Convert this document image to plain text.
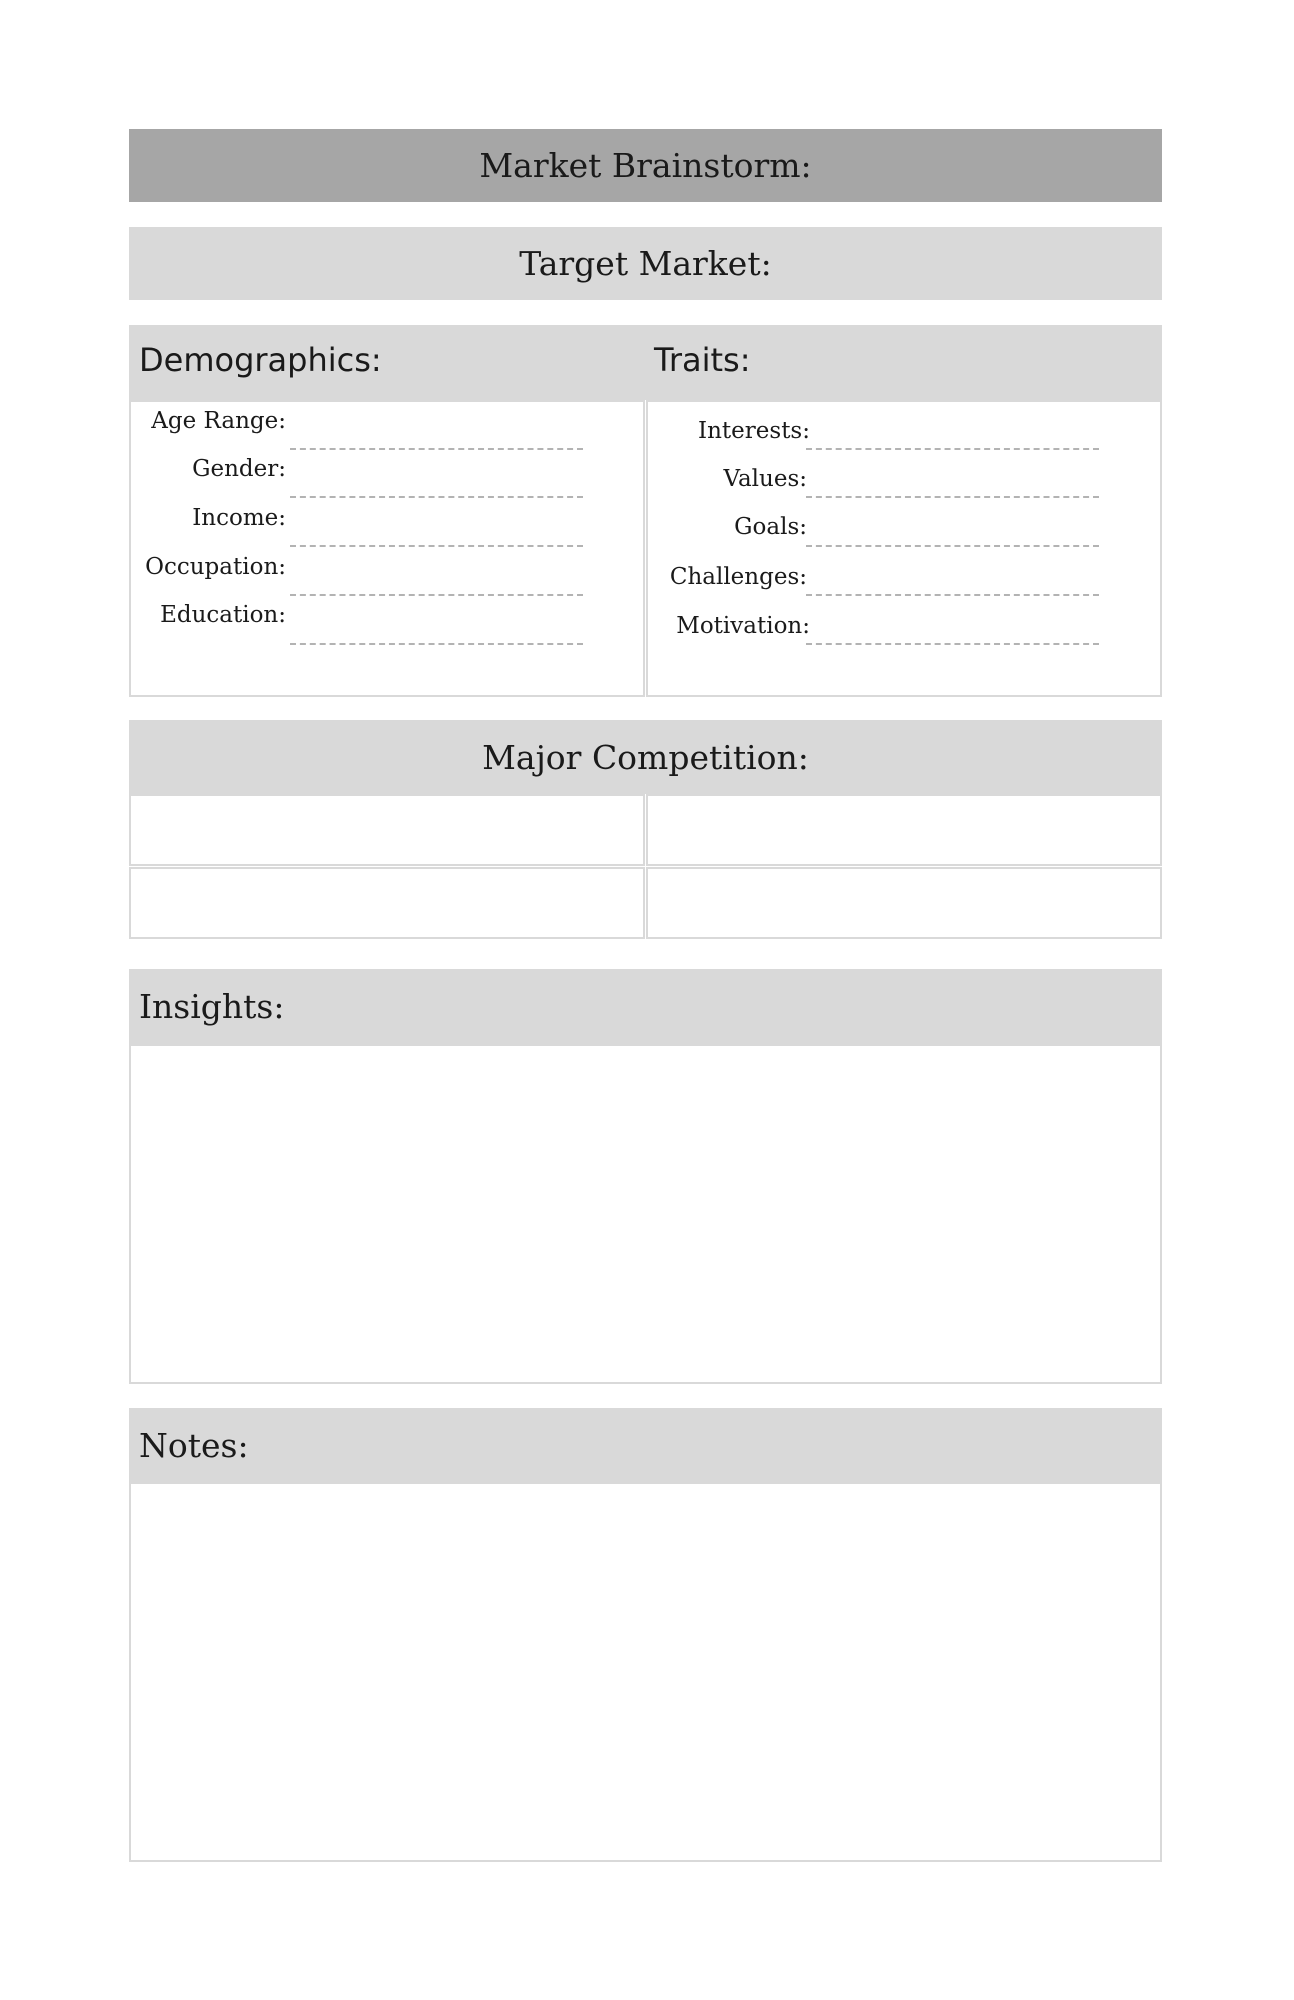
Market Brainstorm:
Target Market:
Demographics:	Traits:
Age Range:
Gender:
Income:
Occupation:
Education:
Interests:
Values:
Goals:
Challenges:
Motivation:
Major Competition:
Insights:
Notes:
